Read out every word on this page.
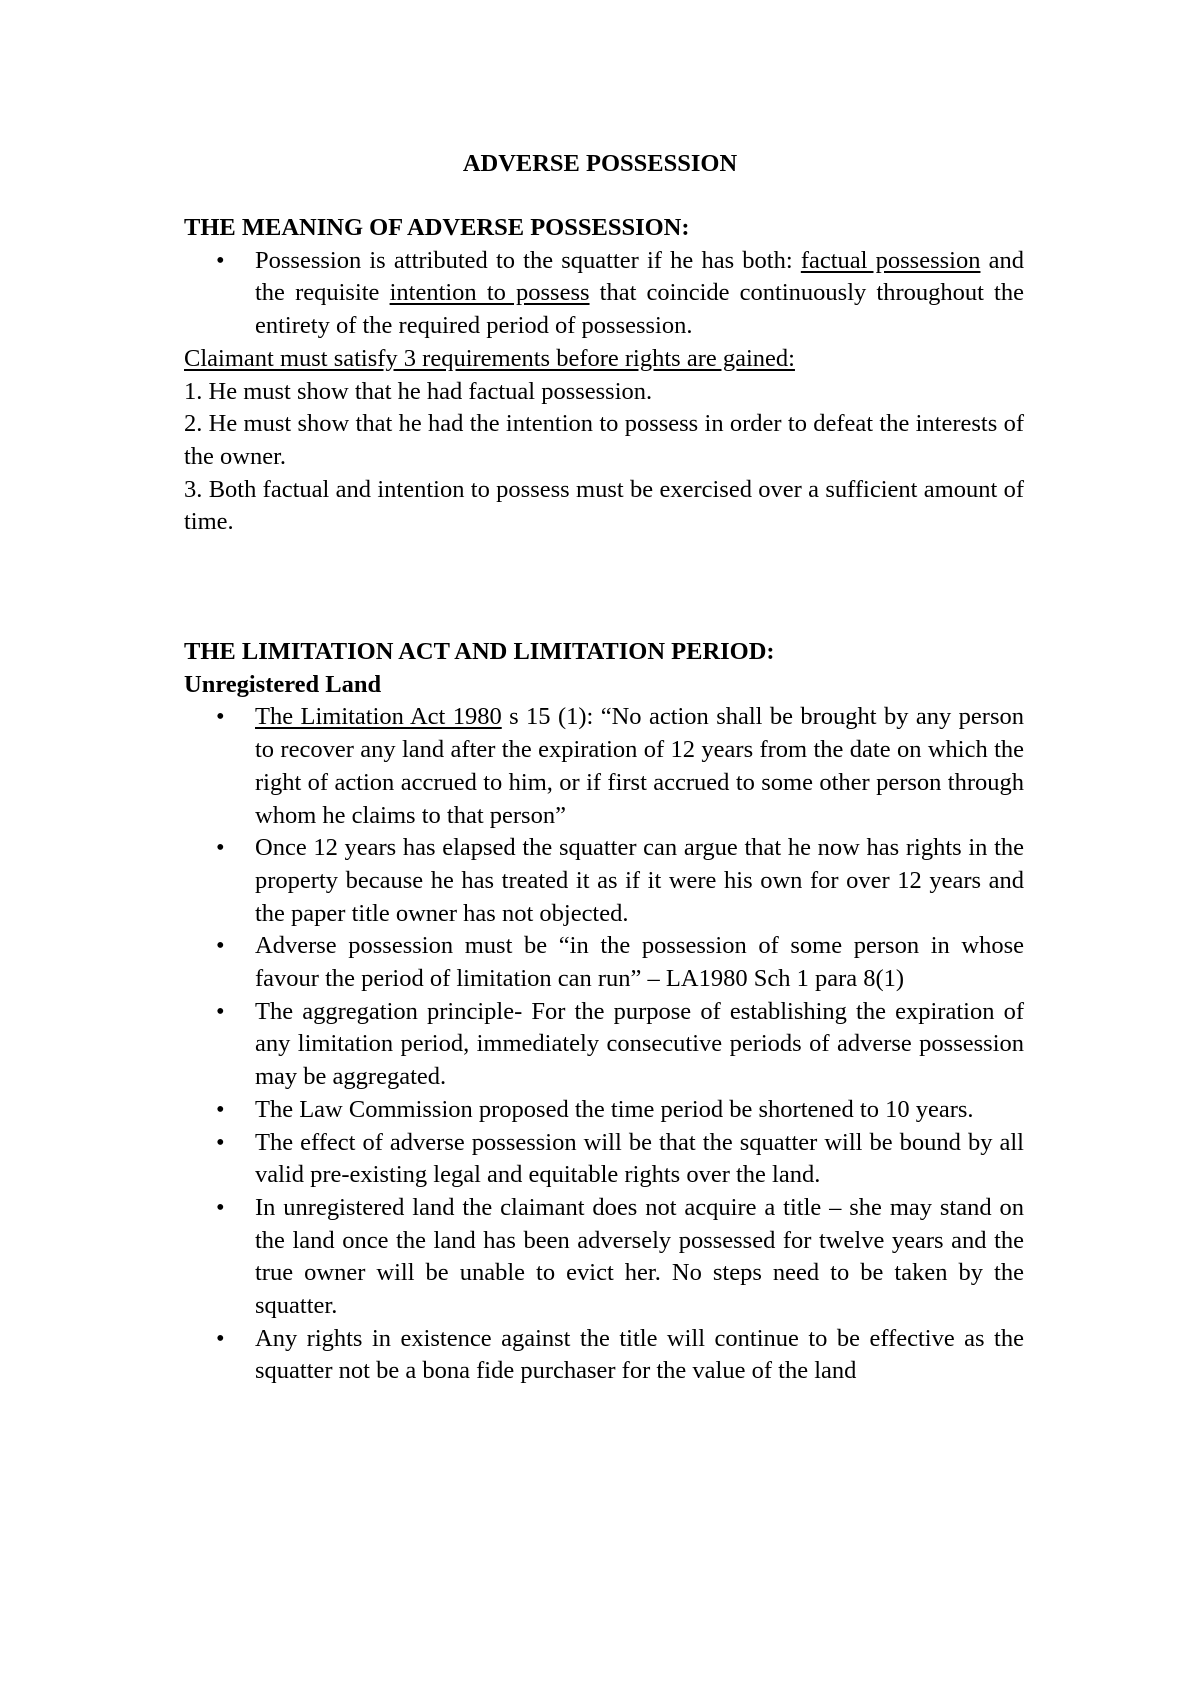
ADVERSE POSSESSION

THE MEANING OF ADVERSE POSSESSION:

• Possession is attributed to the squatter if he has both: factual possession and the requisite intention to possess that coincide continuously throughout the entirety of the required period of possession.

Claimant must satisfy 3 requirements before rights are gained:

1. He must show that he had factual possession.

2. He must show that he had the intention to possess in order to defeat the interests of the owner.

3. Both factual and intention to possess must be exercised over a sufficient amount of time.

THE LIMITATION ACT AND LIMITATION PERIOD:

Unregistered Land

• The Limitation Act 1980 s 15 (1): “No action shall be brought by any person to recover any land after the expiration of 12 years from the date on which the right of action accrued to him, or if first accrued to some other person through whom he claims to that person”
• Once 12 years has elapsed the squatter can argue that he now has rights in the property because he has treated it as if it were his own for over 12 years and the paper title owner has not objected.
• Adverse possession must be “in the possession of some person in whose favour the period of limitation can run” – LA1980 Sch 1 para 8(1)
• The aggregation principle- For the purpose of establishing the expiration of any limitation period, immediately consecutive periods of adverse possession may be aggregated.
• The Law Commission proposed the time period be shortened to 10 years.
• The effect of adverse possession will be that the squatter will be bound by all valid pre-existing legal and equitable rights over the land.
• In unregistered land the claimant does not acquire a title – she may stand on the land once the land has been adversely possessed for twelve years and the true owner will be unable to evict her. No steps need to be taken by the squatter.
• Any rights in existence against the title will continue to be effective as the squatter not be a bona fide purchaser for the value of the land
